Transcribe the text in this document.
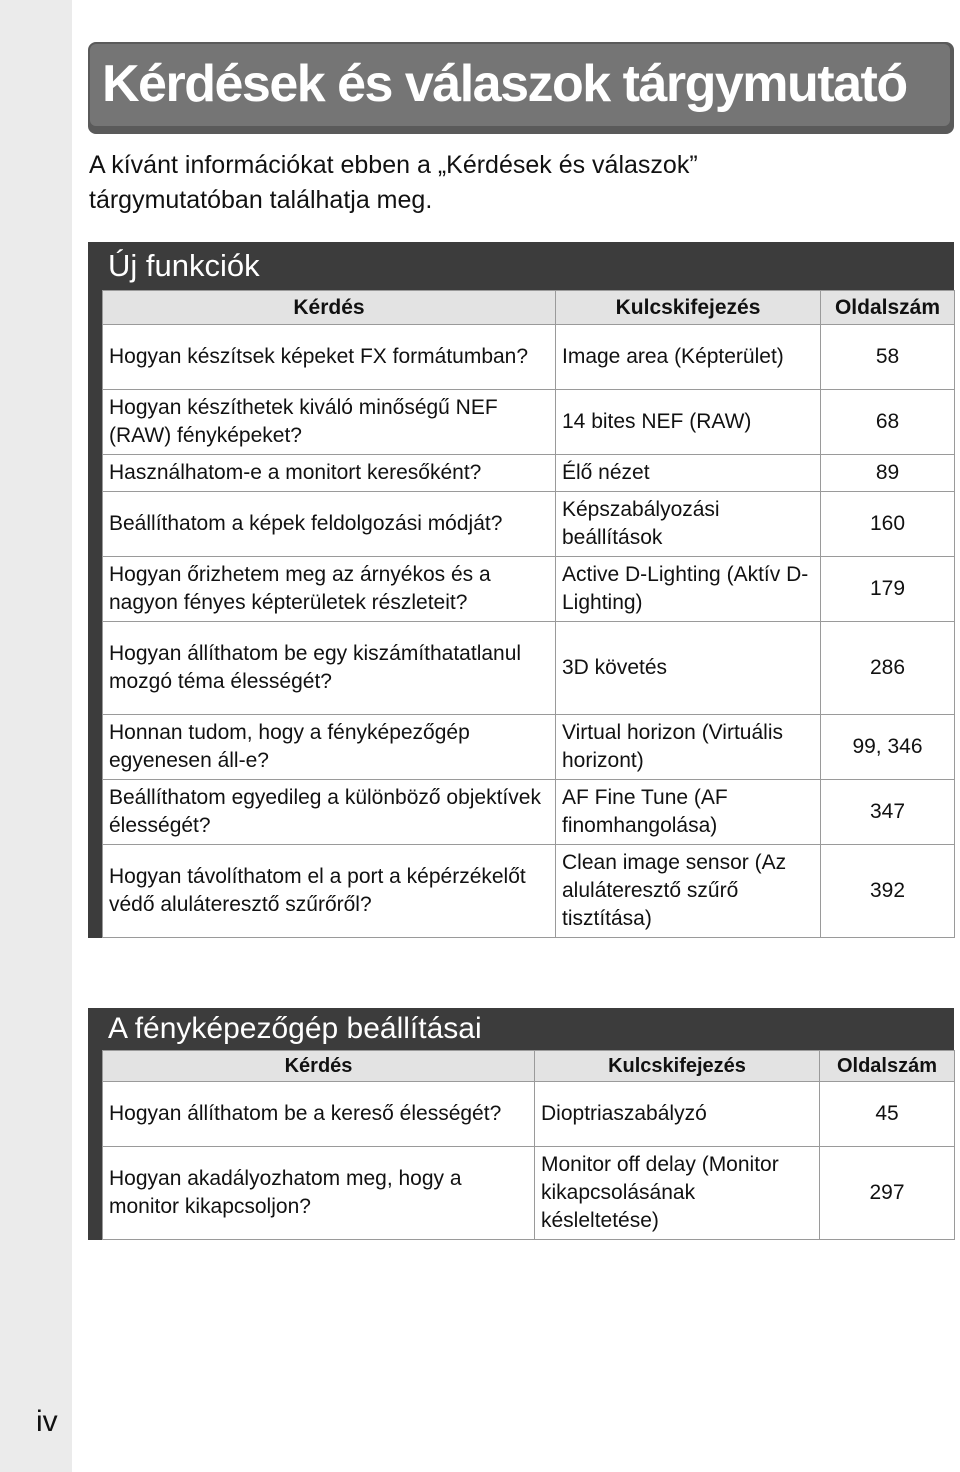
Kérdések és válaszok tárgymutató
A kívánt információkat ebben a „Kérdések és válaszok”
tárgymutatóban találhatja meg.
Új funkciók
Kérdés	Kulcskifejezés	Oldalszám
Hogyan készítsek képeket FX formátumban?	Image area (Képterület)	58
Hogyan készíthetek kiváló minőségű NEF (RAW) fényképeket?	14 bites NEF (RAW)	68
Használhatom-e a monitort keresőként?	Élő nézet	89
Beállíthatom a képek feldolgozási módját?	Képszabályozási beállítások	160
Hogyan őrizhetem meg az árnyékos és a nagyon fényes képterületek részleteit?	Active D-Lighting (Aktív D-Lighting)	179
Hogyan állíthatom be egy kiszámíthatatlanul mozgó téma élességét?	3D követés	286
Honnan tudom, hogy a fényképezőgép egyenesen áll-e?	Virtual horizon (Virtuális horizont)	99, 346
Beállíthatom egyedileg a különböző objektívek élességét?	AF Fine Tune (AF finomhangolása)	347
Hogyan távolíthatom el a port a képérzékelőt védő aluláteresztő szűrőről?	Clean image sensor (Az aluláteresztő szűrő tisztítása)	392
A fényképezőgép beállításai
Kérdés	Kulcskifejezés	Oldalszám
Hogyan állíthatom be a kereső élességét?	Dioptriaszabályzó	45
Hogyan akadályozhatom meg, hogy a monitor kikapcsoljon?	Monitor off delay (Monitor kikapcsolásának késleltetése)	297
iv
